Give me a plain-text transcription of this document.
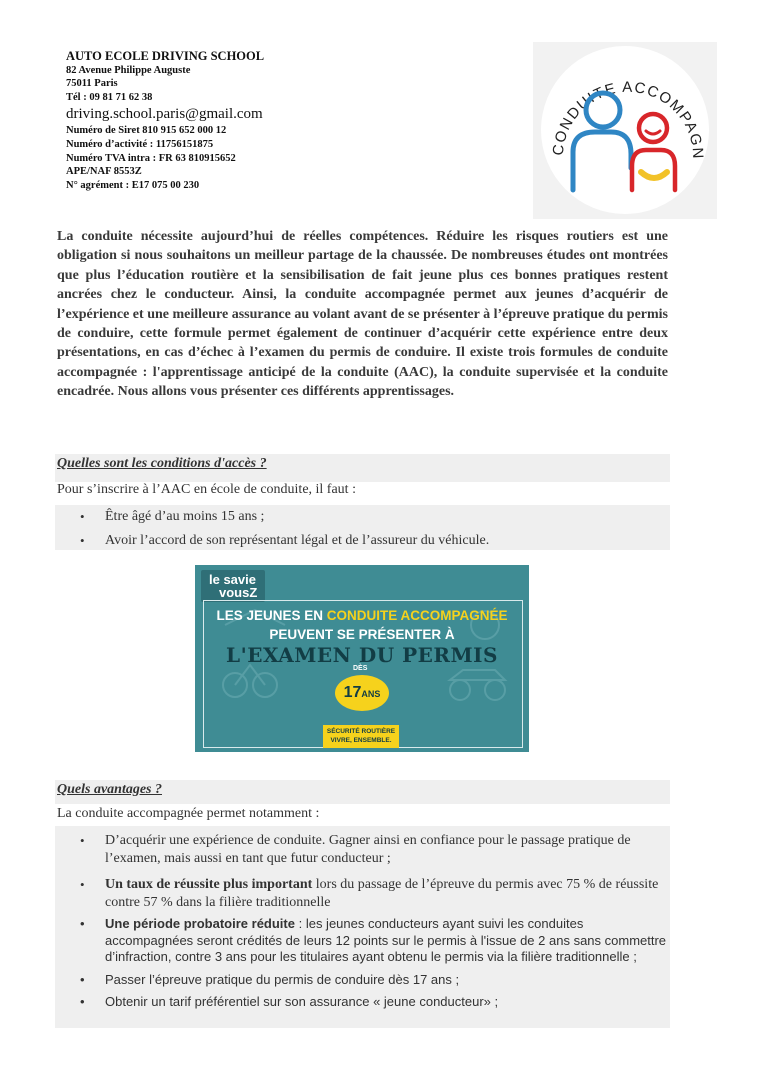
AUTO ECOLE DRIVING SCHOOL
82 Avenue Philippe Auguste
75011 Paris
Tél : 09 81 71 62 38
driving.school.paris@gmail.com
Numéro de Siret 810 915 652 000 12
Numéro d’activité : 11756151875
Numéro TVA intra : FR 63 810915652
APE/NAF 8553Z
N° agrément : E17 075 00 230
CONDUITE ACCOMPAGN
La conduite nécessite aujourd’hui de réelles compétences. Réduire les risques routiers est une obligation si nous souhaitons un meilleur partage de la chaussée. De nombreuses études ont montrées que plus l’éducation routière et la sensibilisation de fait jeune plus ces bonnes pratiques restent ancrées chez le conducteur. Ainsi, la conduite accompagnée permet aux jeunes d’acquérir de l’expérience et une meilleure assurance au volant avant de se présenter à l’épreuve pratique du permis de conduire, cette formule permet également de continuer d’acquérir cette expérience entre deux présentations, en cas d’échec à l’examen du permis de conduire. Il existe trois formules de conduite accompagnée : l'apprentissage anticipé de la conduite (AAC), la conduite supervisée et la conduite encadrée. Nous allons vous présenter ces différents apprentissages.
Quelles sont les conditions d'accès ?
Pour s’inscrire à l’AAC en école de conduite, il faut :
• Être âgé d’au moins 15 ans ;
• Avoir l’accord de son représentant légal et de l’assureur du véhicule.
le savie
vousZ
LES JEUNES EN CONDUITE ACCOMPAGNÉE
PEUVENT SE PRÉSENTER À
L'EXAMEN DU PERMIS
DÈS
17ANS
SÉCURITÉ ROUTIÈRE
VIVRE, ENSEMBLE.
Quels avantages ?
La conduite accompagnée permet notamment :
• D’acquérir une expérience de conduite. Gagner ainsi en confiance pour le passage pratique de l’examen, mais aussi en tant que futur conducteur ;
• Un taux de réussite plus important lors du passage de l’épreuve du permis avec 75 % de réussite contre 57 % dans la filière traditionnelle
• Une période probatoire réduite : les jeunes conducteurs ayant suivi les conduites accompagnées seront crédités de leurs 12 points sur le permis à l'issue de 2 ans sans commettre d’infraction, contre 3 ans pour les titulaires ayant obtenu le permis via la filière traditionnelle ;
• Passer l’épreuve pratique du permis de conduire dès 17 ans ;
• Obtenir un tarif préférentiel sur son assurance « jeune conducteur» ;
